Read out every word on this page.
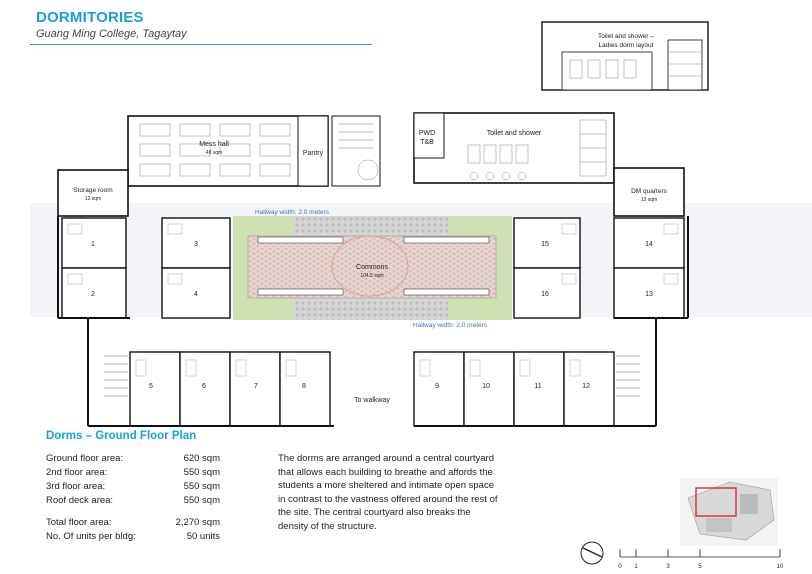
DORMITORIES
Guang Ming College, Tagaytay	Toilet and shower –
Ladies dorm layout
Mess hall
48 sqm	Pantry
PWD
T&B
Toilet and shower
Storage room
12 sqm
DM quarters
12 sqm
Commons
104.5 sqm
To walkway
Hallway width: 2.0 meters
Hallway width: 2.0 meters
1
2
3
4
5	6	7	8	9	10	11	12
13
14
15
16
0 1	3	5	10
Dorms – Ground Floor Plan
Ground floor area:	620 sqm
2nd floor area:	550 sqm
3rd floor area:	550 sqm
Roof deck area:	550 sqm
Total floor area:	2,270 sqm
No. Of units per bldg:	50 units
The dorms are arranged around a central courtyard that allows each building to breathe and affords the students a more sheltered and intimate open space in contrast to the vastness offered around the rest of the site. The central courtyard also breaks the density of the structure.
